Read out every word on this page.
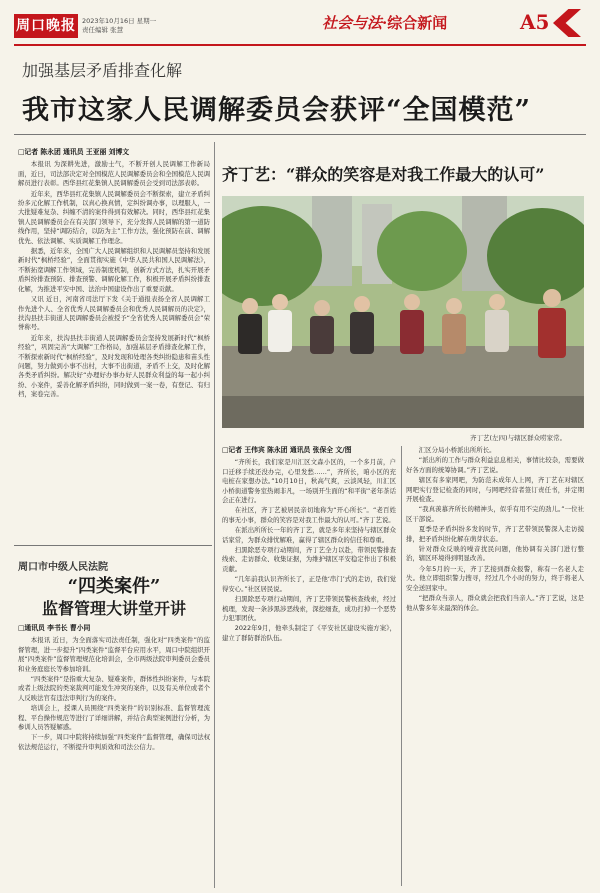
周口晚报 2023年10月16日 星期一
责任编辑 张慧	社会与法·综合新闻	A5
加强基层矛盾排查化解
我市这家人民调解委员会获评“全国模范”
□记者 陈永团 通讯员 王亚丽 刘博文

本报讯 为深耕先进，激励士气，不断开创人民调解工作新局面，近日，司法部决定对全国模范人民调解委员会和全国模范人民调解员进行表彰。西华县红花集镇人民调解委员会受到司法部表彰。

近年来，西华县红花集镇人民调解委员会不断探索，建立矛盾纠纷多元化解工作机制，以真心换真情，定纠纷调办事，以理服人，一大批疑难复杂、纠缠不清的案件得到有效解决。同时，西华县红花集镇人民调解委员会在有关部门领导下，充分发挥人民调解的第一道防线作用，坚持“调防结合，以防为主”工作方法，强化预防在前、调解优先、依法调解、实质调解工作理念。

据悉，近年来，全国广大人民调解组织和人民调解员坚持和发展新时代“枫桥经验”，全面贯彻实施《中华人民共和国人民调解法》，不断拓宽调解工作领域，完善制度机制，创新方式方法，扎实开展矛盾纠纷排查预防、排查预警、调解化解工作，积极开展矛盾纠纷排查化解，为推进平安中国、法治中国建设作出了重要贡献。

又讯 近日，河南省司法厅下发《关于通报表扬全省人民调解工作先进个人、全省优秀人民调解委员会和优秀人民调解员的决定》，扶沟县扶丰街道人民调解委员会被授予“全省优秀人民调解委员会”荣誉称号。

近年来，扶沟县扶丰街道人民调解委员会坚持发展新时代“枫桥经验”，巩固完善“大调解”工作格局，加强基层矛盾排查化解工作，不断探索新时代“枫桥经验”，及时发现和处理各类纠纷隐患和苗头性问题，努力做到小事不出村，大事不出街道，矛盾不上交，及时化解各类矛盾纠纷。解决好“办理好办事办好人民群众利益的每一起小纠纷、小案件，妥善化解矛盾纠纷，同时做到一案一卷，有登记、有归档，案卷完善。

周口市中级人民法院
“四类案件”
监督管理大讲堂开讲
□通讯员 李书长 曹小同

本报讯 近日，为全面落实司法责任制，强化对“四类案件”的监督管理，进一步提升“四类案件”监督平台应用水平，周口中院组织开展“四类案件”监督管理规范化培训会，全市两级法院审判委员会委员和业务庭庭长等参加培训。

“四类案件”是指重大复杂、疑难案件，群体性纠纷案件，与本院或者上级法院的类案裁判可能发生冲突的案件，以及有关单位或者个人反映法官有违法审判行为的案件。

培训会上，授课人员围绕“四类案件”的识别标准、监督管理流程、平台操作规范等进行了详细讲解，并结合典型案例进行分析，为参训人员答疑解惑。

下一步，周口中院将持续加强“四类案件”监督管理，确保司法权依法规范运行，不断提升审判质效和司法公信力。

齐丁艺：“群众的笑容是对我工作最大的认可”
齐丁艺(左四)与辖区群众唠家常。
□记者 王伟宾 陈永团 通讯员 张保全 文/图

“齐所长，我们家是川汇区文森小区的，一个多月前，户口迁移手续还没办完，心里发愁……”，齐所长，咱小区的充电桩在家想办法。”10月10日，秋高气爽，云淡风轻，川汇区小桥街道警务室热闹非凡，一场别开生面的“和平街”老年茶话会正在进行。

在社区，齐丁艺被居民亲切地称为“开心所长”。“老百姓的事无小事，群众的笑容是对我工作最大的认可。”齐丁艺说。

在派出所所长一年的齐丁艺，就是多年来坚持与辖区群众话家常，为群众排忧解难，赢得了辖区群众的信任和尊重。

扫黑除恶专项行动期间，齐丁艺全力以赴，带领民警排查线索、走访群众、收集证据，为维护辖区平安稳定作出了积极贡献。

“几年前我认识齐所长了，正是他‘串门’式的走访，我们觉得安心。”社区居民说。

扫黑除恶专项行动期间，齐丁艺带领民警核查线索，经过梳理，发现一条涉黑涉恶线索，深挖细查，成功打掉一个恶势力犯罪团伙。

2022年9月，他牵头制定了《平安社区建设实施方案》，建立了群防群治队伍。

汇区分局小桥派出所所长。

“派出所的工作与群众利益息息相关，事情比较杂，需要做好各方面的统筹协调。”齐丁艺说。

辖区有多家网吧，为防范未成年人上网，齐丁艺在对辖区网吧实行登记检查的同时，与网吧经营者签订责任书，并定期开展检查。

“我真羡慕齐所长的精神头，似乎有用不完的劲儿。”一位社区干部说。

夏季是矛盾纠纷多发的时节，齐丁艺带领民警深入走访摸排，把矛盾纠纷化解在萌芽状态。

针对群众反映的噪音扰民问题，他协调有关部门进行整治，辖区环境得到明显改善。

今年5月的一天，齐丁艺接到群众报警，称有一名老人走失。他立即组织警力搜寻，经过几个小时的努力，终于将老人安全送回家中。

“把群众当亲人，群众就会把我们当亲人。”齐丁艺说，这是他从警多年来最深的体会。
